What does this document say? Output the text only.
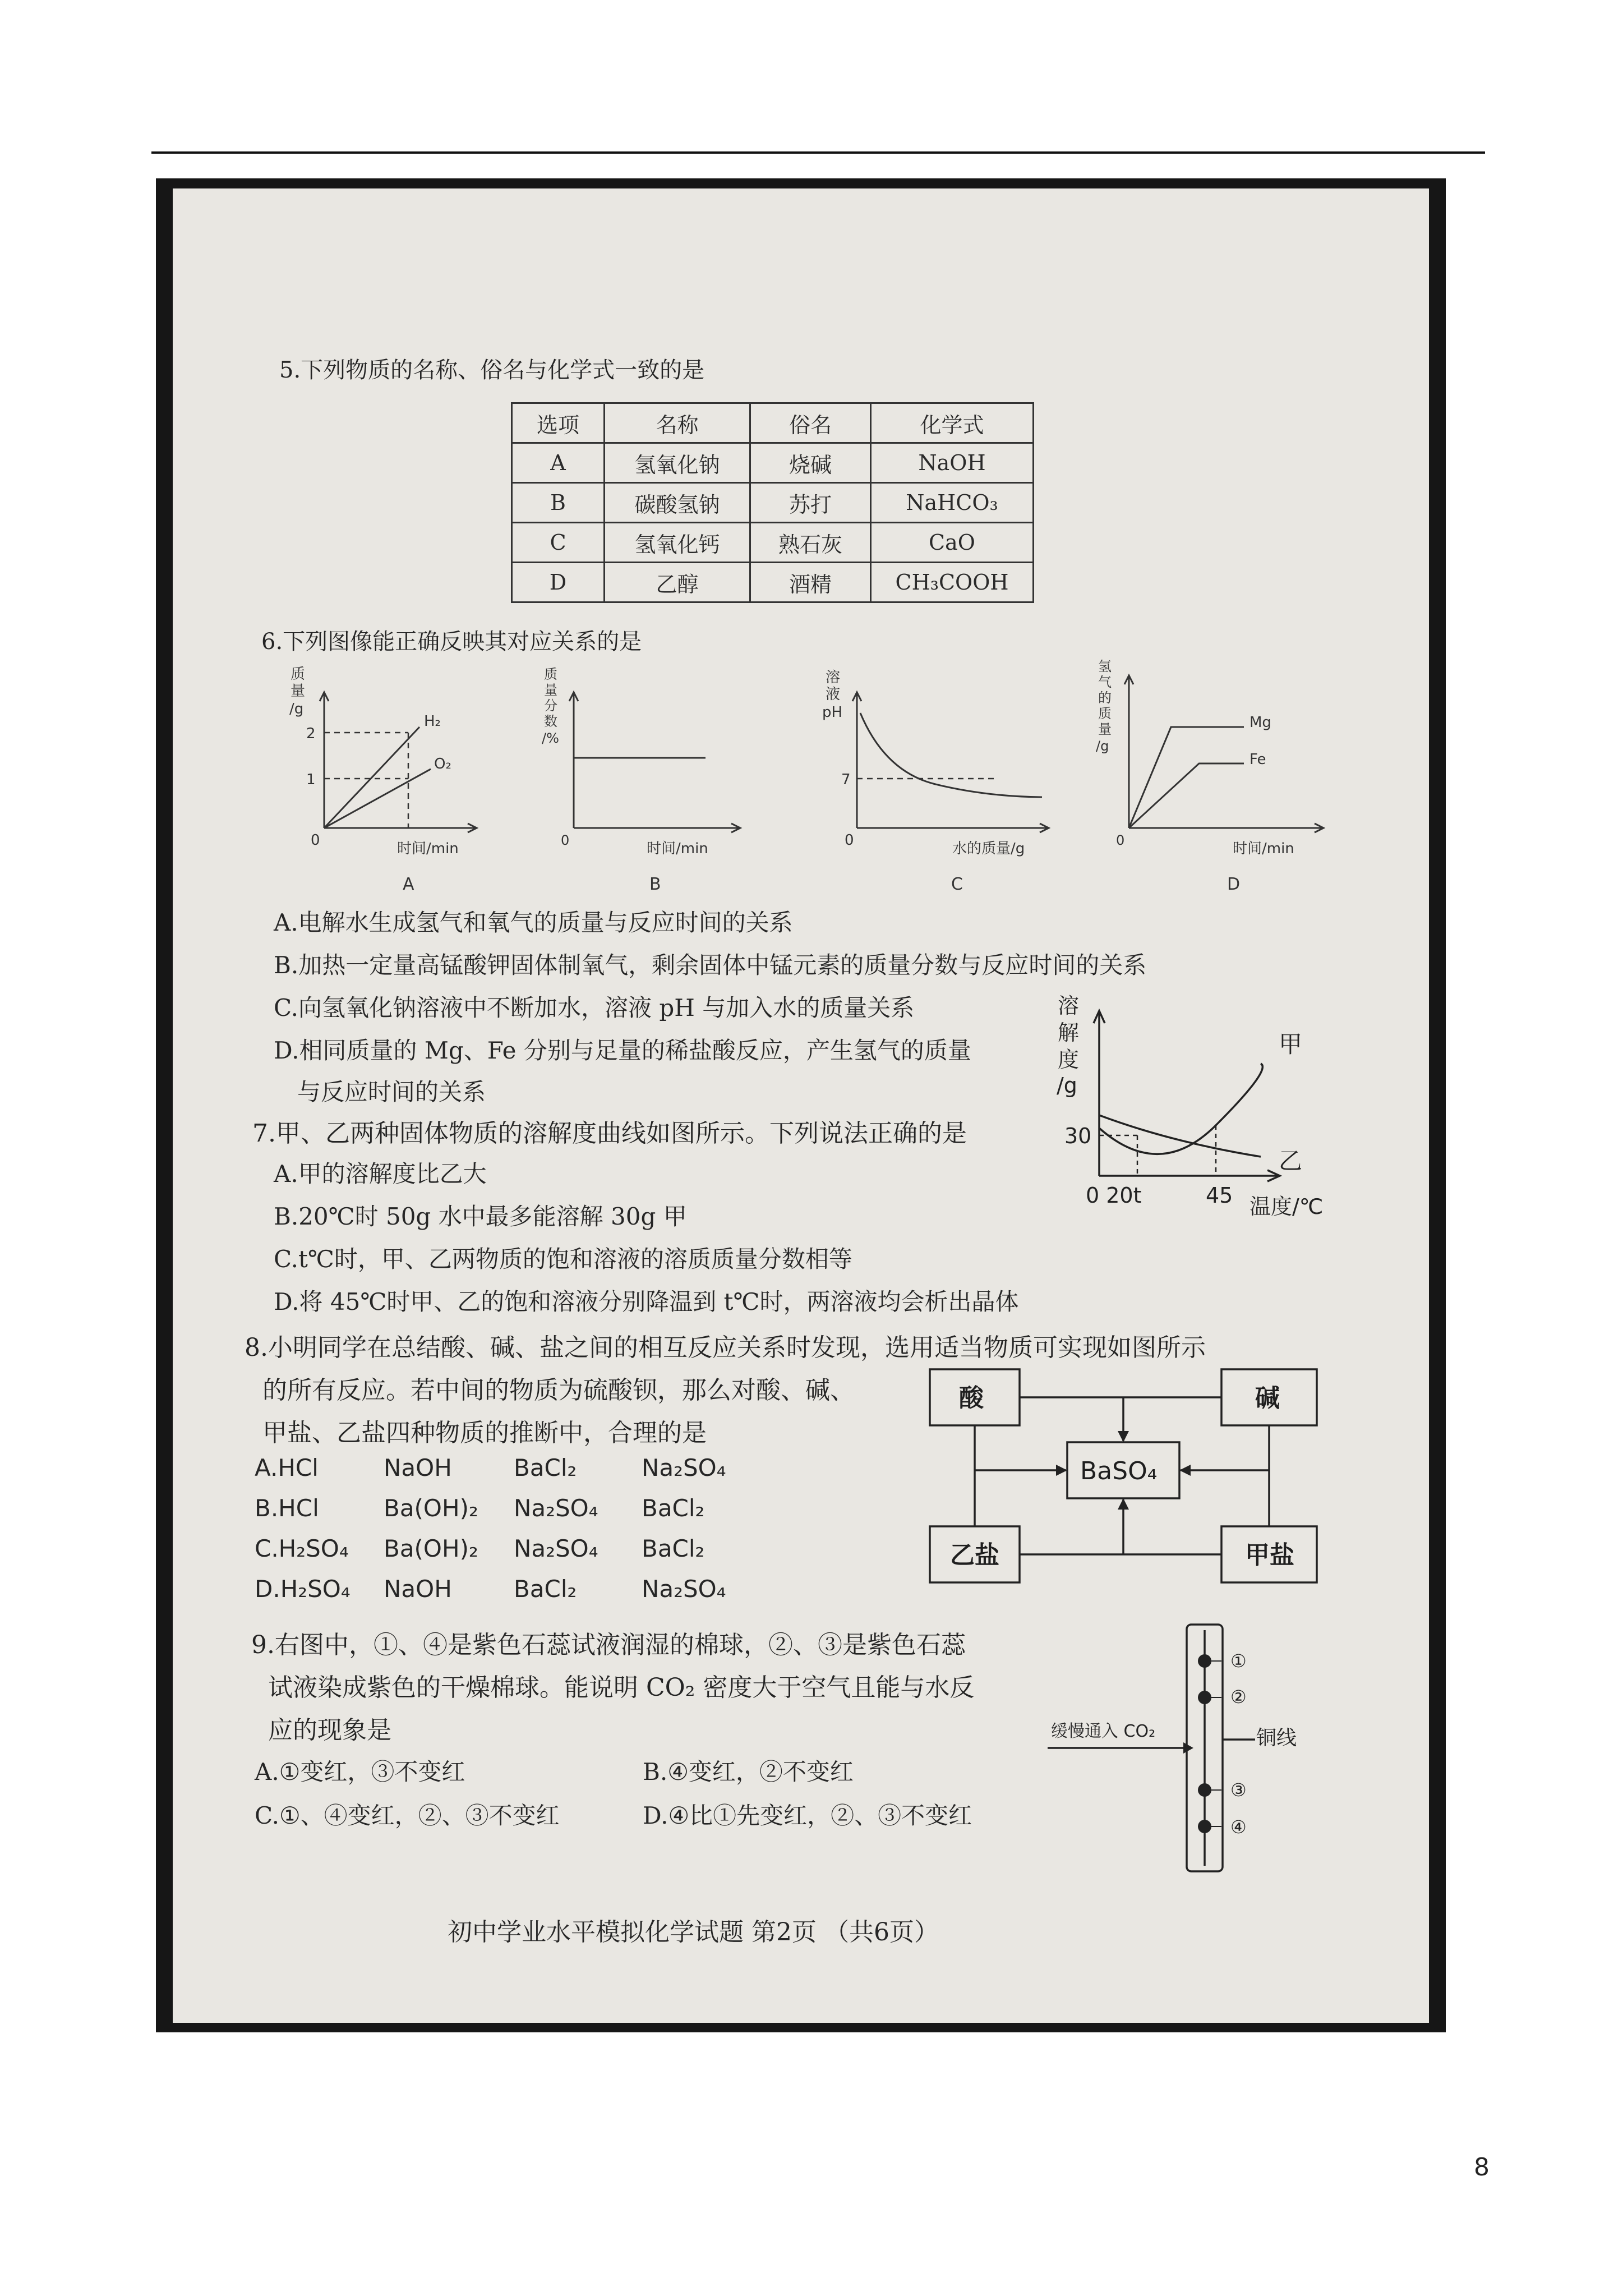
5.下列物质的名称、俗名与化学式一致的是
选项	名称	俗名	化学式
A	氢氧化钠	烧碱	NaOH
B	碳酸氢钠	苏打	NaHCO₃
C	氢氧化钙	熟石灰	CaO
D	乙醇	酒精	CH₃COOH
6.下列图像能正确反映其对应关系的是
质
量
/g
2
1
0
H₂
O₂
时间/min
A
质
量
分
数
/%
0	时间/min
B
溶
液
pH
7
0	水的质量/g
C
氢
气
的
质
量
/g
Mg
Fe
0	时间/min
D
A.电解水生成氢气和氧气的质量与反应时间的关系
B.加热一定量高锰酸钾固体制氧气，剩余固体中锰元素的质量分数与反应时间的关系
C.向氢氧化钠溶液中不断加水，溶液 pH 与加入水的质量关系
D.相同质量的 Mg、Fe 分别与足量的稀盐酸反应，产生氢气的质量
与反应时间的关系
7.甲、乙两种固体物质的溶解度曲线如图所示。下列说法正确的是
A.甲的溶解度比乙大
B.20℃时 50g 水中最多能溶解 30g 甲
C.t℃时，甲、乙两物质的饱和溶液的溶质质量分数相等
D.将 45℃时甲、乙的饱和溶液分别降温到 t℃时，两溶液均会析出晶体
溶
解
度
/g
30
0 20t	45 温度/℃
甲
乙
8.小明同学在总结酸、碱、盐之间的相互反应关系时发现，选用适当物质可实现如图所示
的所有反应。若中间的物质为硫酸钡，那么对酸、碱、
甲盐、乙盐四种物质的推断中，合理的是
A.HCl	NaOH	BaCl₂	Na₂SO₄
B.HCl	Ba(OH)₂ Na₂SO₄ BaCl₂
C.H₂SO₄ Ba(OH)₂ Na₂SO₄ BaCl₂
D.H₂SO₄ NaOH	BaCl₂	Na₂SO₄
酸	碱
BaSO₄
乙盐	甲盐
9.右图中，①、④是紫色石蕊试液润湿的棉球，②、③是紫色石蕊
试液染成紫色的干燥棉球。能说明 CO₂ 密度大于空气且能与水反
应的现象是
A.①变红，③不变红	B.④变红，②不变红
C.①、④变红，②、③不变红	D.④比①先变红，②、③不变红
①
②
③
④
铜线
缓慢通入 CO₂
初中学业水平模拟化学试题 第2页 （共6页）
8
